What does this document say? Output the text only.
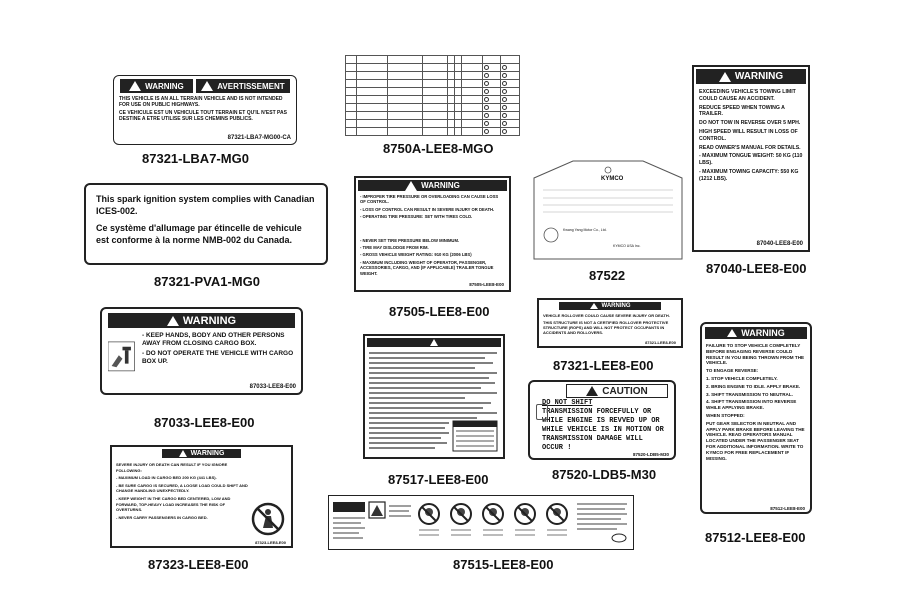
WARNING	AVERTISSEMENT

THIS VEHICLE IS AN ALL TERRAIN VEHICLE AND IS NOT INTENDED FOR USE ON PUBLIC HIGHWAYS.

CE VEHICULE EST UN VEHICULE TOUT TERRAIN ET QU'IL N'EST PAS DESTINE A ETRE UTILISE SUR LES CHEMINS PUBLICS.

87321-LBA7-MG00-CA
87321-LBA7-MG0

8750A-LEE8-MGO
WARNING

EXCEEDING VEHICLE'S TOWING LIMIT COULD CAUSE AN ACCIDENT.

REDUCE SPEED WHEN TOWING A TRAILER.

DO NOT TOW IN REVERSE OVER 5 MPH.

HIGH SPEED WILL RESULT IN LOSS OF CONTROL.

READ OWNER'S MANUAL FOR DETAILS.

- MAXIMUM TONGUE WEIGHT: 50 KG (110 LBS).

- MAXIMUM TOWING CAPACITY: 550 KG (1212 LBS).

87040-LEE8-E00
87040-LEE8-E00

This spark ignition system complies with Canadian ICES-002.

Ce système d'allumage par étincelle de vehicule est conforme à la norme NMB-002 du Canada.

87321-PVA1-MG0
WARNING

- IMPROPER TIRE PRESSURE OR OVERLOADING CAN CAUSE LOSS OF CONTROL.

- LOSS OF CONTROL CAN RESULT IN SEVERE INJURY OR DEATH.

- OPERATING TIRE PRESSURE: SET WITH TIRES COLD.

- NEVER SET TIRE PRESSURE BELOW MINIMUM.

- TIRE MAY DISLODGE FROM RIM.

- GROSS VEHICLE WEIGHT RATING: 910 KG (2006 LBS)

- MAXIMUM INCLUDING WEIGHT OF OPERATOR, PASSENGER, ACCESSORIES, CARGO, AND (IF APPLICABLE) TRAILER TONGUE WEIGHT.

87505-LEE8-E00
87505-LEE8-E00
KYMCO
Kwang Yang Motor Co., Ltd.
KYMCO USA Inc.
87522
WARNING

- KEEP HANDS, BODY AND OTHER PERSONS AWAY FROM CLOSING CARGO BOX.

- DO NOT OPERATE THE VEHICLE WITH CARGO BOX UP.

87033-LEE8-E00
87033-LEE8-E00
87517-LEE8-E00
WARNING

VEHICLE ROLLOVER COULD CAUSE SEVERE INJURY OR DEATH.

THIS STRUCTURE IS NOT A CERTIFIED ROLLOVER PROTECTIVE STRUCTURE (ROPS) AND WILL NOT PROTECT OCCUPANTS IN ACCIDENTS AND ROLLOVERS.

87321-LEE8-E00
87321-LEE8-E00
WARNING

FAILURE TO STOP VEHICLE COMPLETELY BEFORE ENGAGING REVERSE COULD RESULT IN YOU BEING THROWN FROM THE VEHICLE.

TO ENGAGE REVERSE:

1. STOP VEHICLE COMPLETELY.

2. BRING ENGINE TO IDLE. APPLY BRAKE.

3. SHIFT TRANSMISSION TO NEUTRAL.

4. SHIFT TRANSMISSION INTO REVERSE WHILE APPLYING BRAKE.

WHEN STOPPED:

PUT GEAR SELECTOR IN NEUTRAL AND APPLY PARK BRAKE BEFORE LEAVING THE VEHICLE. READ OPERATORS MANUAL LOCATED UNDER THE PASSENGER SEAT FOR ADDITIONAL INFORMATION. WRITE TO KYMCO FOR FREE REPLACEMENT IF MISSING.

87512-LEE8-E00
87512-LEE8-E00
CAUTION
DO NOT SHIFT
TRANSMISSION FORCEFULLY OR WHILE ENGINE IS REVVED UP OR WHILE VEHICLE IS IN MOTION OR TRANSMISSION DAMAGE WILL OCCUR !
87520-LDB5-M30
87520-LDB5-M30
WARNING

SEVERE INJURY OR DEATH CAN RESULT IF YOU IGNORE FOLLOWING:

- MAXIMUM LOAD IN CARGO BED 200 KG (441 LBS).

- BE SURE CARGO IS SECURED, A LOOSE LOAD COULD SHIFT AND CHANGE HANDLING UNEXPECTEDLY.

- KEEP WEIGHT IN THE CARGO BED CENTERED, LOW AND FORWARD, TOP-HEAVY LOAD INCREASES THE RISK OF OVERTURNS.

- NEVER CARRY PASSENGERS IN CARGO BED.

87323-LEE8-E00
87323-LEE8-E00	87515-LEE8-E00
